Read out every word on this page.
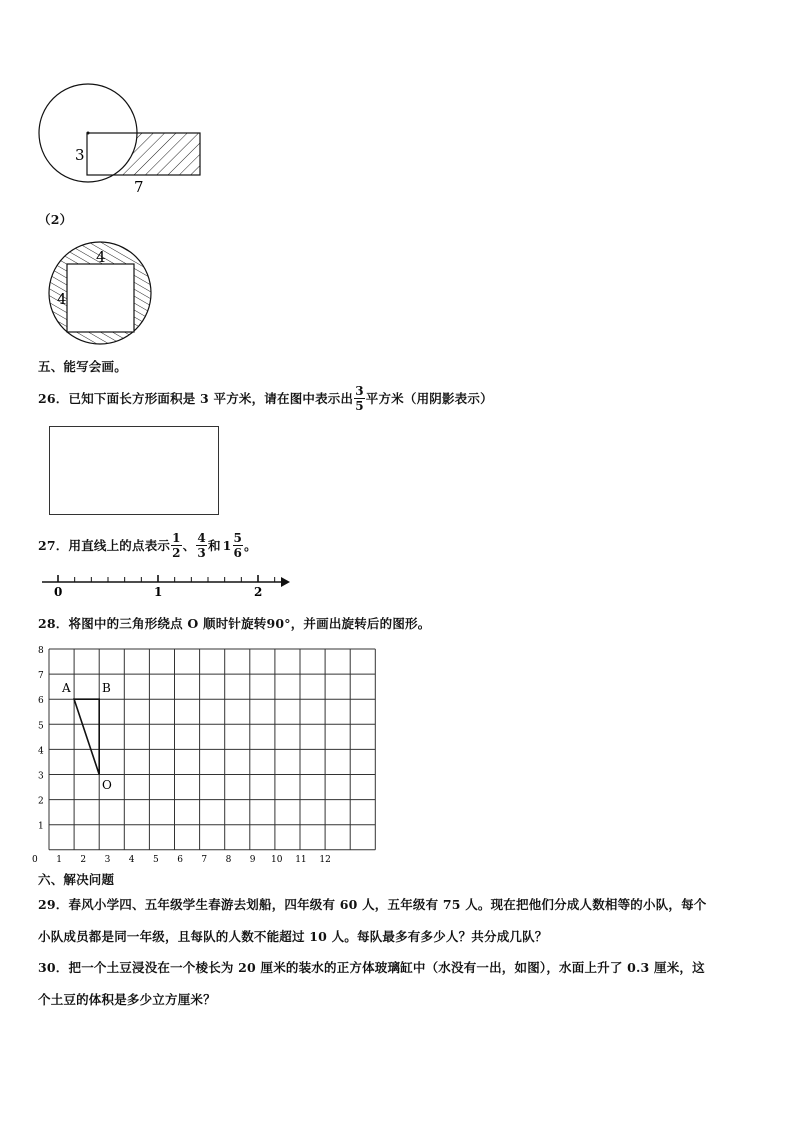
3
7
（2）
4
4
五、能写会画。
26．已知下面长方形面积是 3 平方米，请在图中表示出 $\frac{3}{5}$ 平方米（用阴影表示）
27．用直线上的点表示 $\frac{1}{2}$ 、 $\frac{4}{3}$ 和 $1 \frac{5}{6}$ 。
0	1	2
28．将图中的三角形绕点 O 顺时针旋转90°，并画出旋转后的图形。
0 1 2 3 4 5 6 7 8 9 10 11 12
1
2
3
4
5
6
7
8
A	B
O
六、解决问题
29．春风小学四、五年级学生春游去划船，四年级有 60 人，五年级有 75 人。现在把他们分成人数相等的小队，每个
小队成员都是同一年级，且每队的人数不能超过 10 人。每队最多有多少人？共分成几队？
30．把一个土豆浸没在一个棱长为 20 厘米的装水的正方体玻璃缸中（水没有一出，如图），水面上升了 0.3 厘米，这
个土豆的体积是多少立方厘米？
